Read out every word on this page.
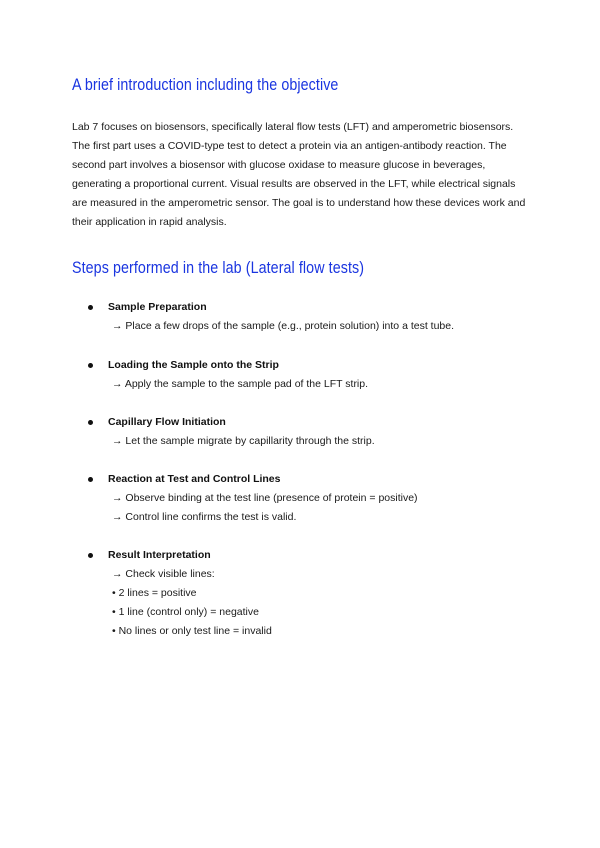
A brief introduction including the objective

Lab 7 focuses on biosensors, specifically lateral flow tests (LFT) and amperometric biosensors. The first part uses a COVID-type test to detect a protein via an antigen-antibody reaction. The second part involves a biosensor with glucose oxidase to measure glucose in beverages, generating a proportional current. Visual results are observed in the LFT, while electrical signals are measured in the amperometric sensor. The goal is to understand how these devices work and their application in rapid analysis.

Steps performed in the lab (Lateral flow tests)
Sample Preparation
→ Place a few drops of the sample (e.g., protein solution) into a test tube.
Loading the Sample onto the Strip
→ Apply the sample to the sample pad of the LFT strip.
Capillary Flow Initiation
→ Let the sample migrate by capillarity through the strip.
Reaction at Test and Control Lines
→ Observe binding at the test line (presence of protein = positive)
→ Control line confirms the test is valid.
Result Interpretation
→ Check visible lines:
• 2 lines = positive
• 1 line (control only) = negative
• No lines or only test line = invalid
